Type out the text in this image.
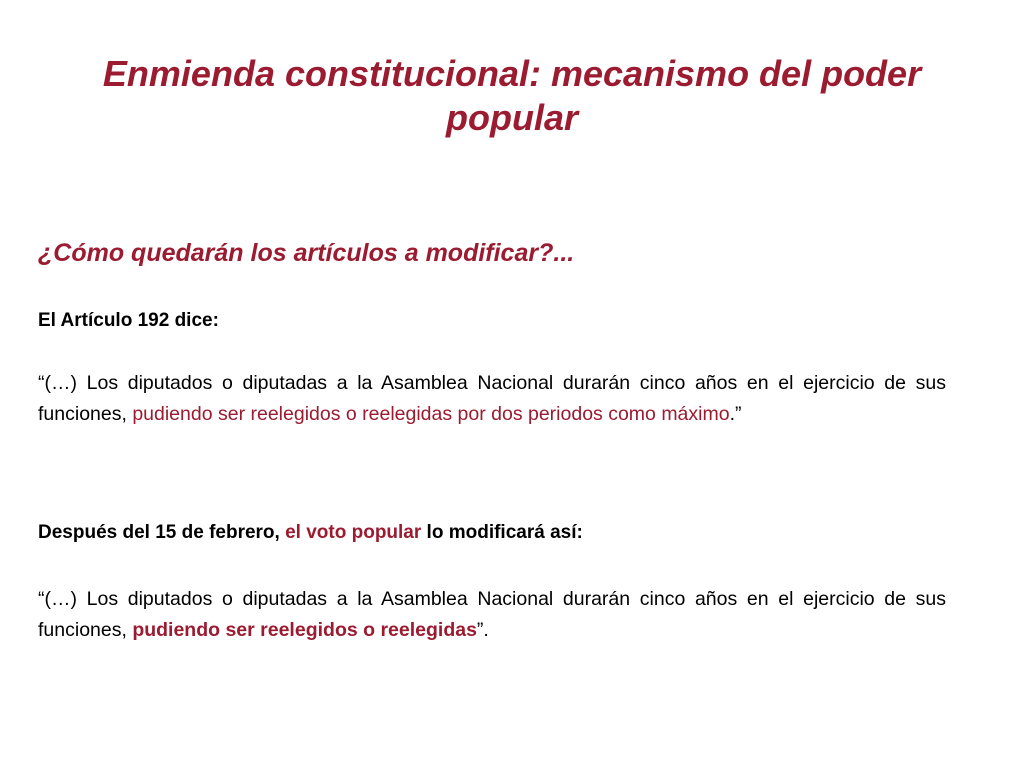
Enmienda constitucional: mecanismo del poder popular
¿Cómo quedarán los artículos a modificar?...

El Artículo 192 dice:

“(…) Los diputados o diputadas a la Asamblea Nacional durarán cinco años en el ejercicio de sus funciones, pudiendo ser reelegidos o reelegidas por dos periodos como máximo.”

Después del 15 de febrero, el voto popular lo modificará así:

“(…) Los diputados o diputadas a la Asamblea Nacional durarán cinco años en el ejercicio de sus funciones, pudiendo ser reelegidos o reelegidas”.
